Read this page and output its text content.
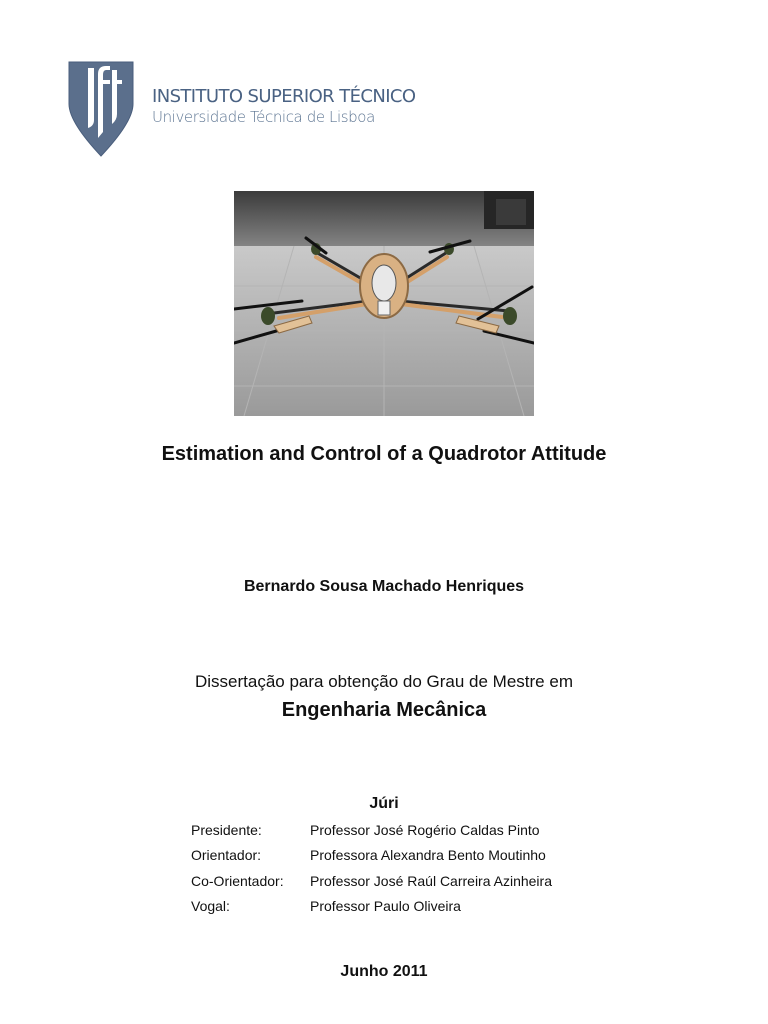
INSTITUTO SUPERIOR TÉCNICO
Universidade Técnica de Lisboa
Estimation and Control of a Quadrotor Attitude
Bernardo Sousa Machado Henriques
Dissertação para obtenção do Grau de Mestre em
Engenharia Mecânica
Júri
Presidente:	Professor José Rogério Caldas Pinto
Orientador:	Professora Alexandra Bento Moutinho
Co-Orientador:	Professor José Raúl Carreira Azinheira
Vogal:	Professor Paulo Oliveira
Junho 2011
